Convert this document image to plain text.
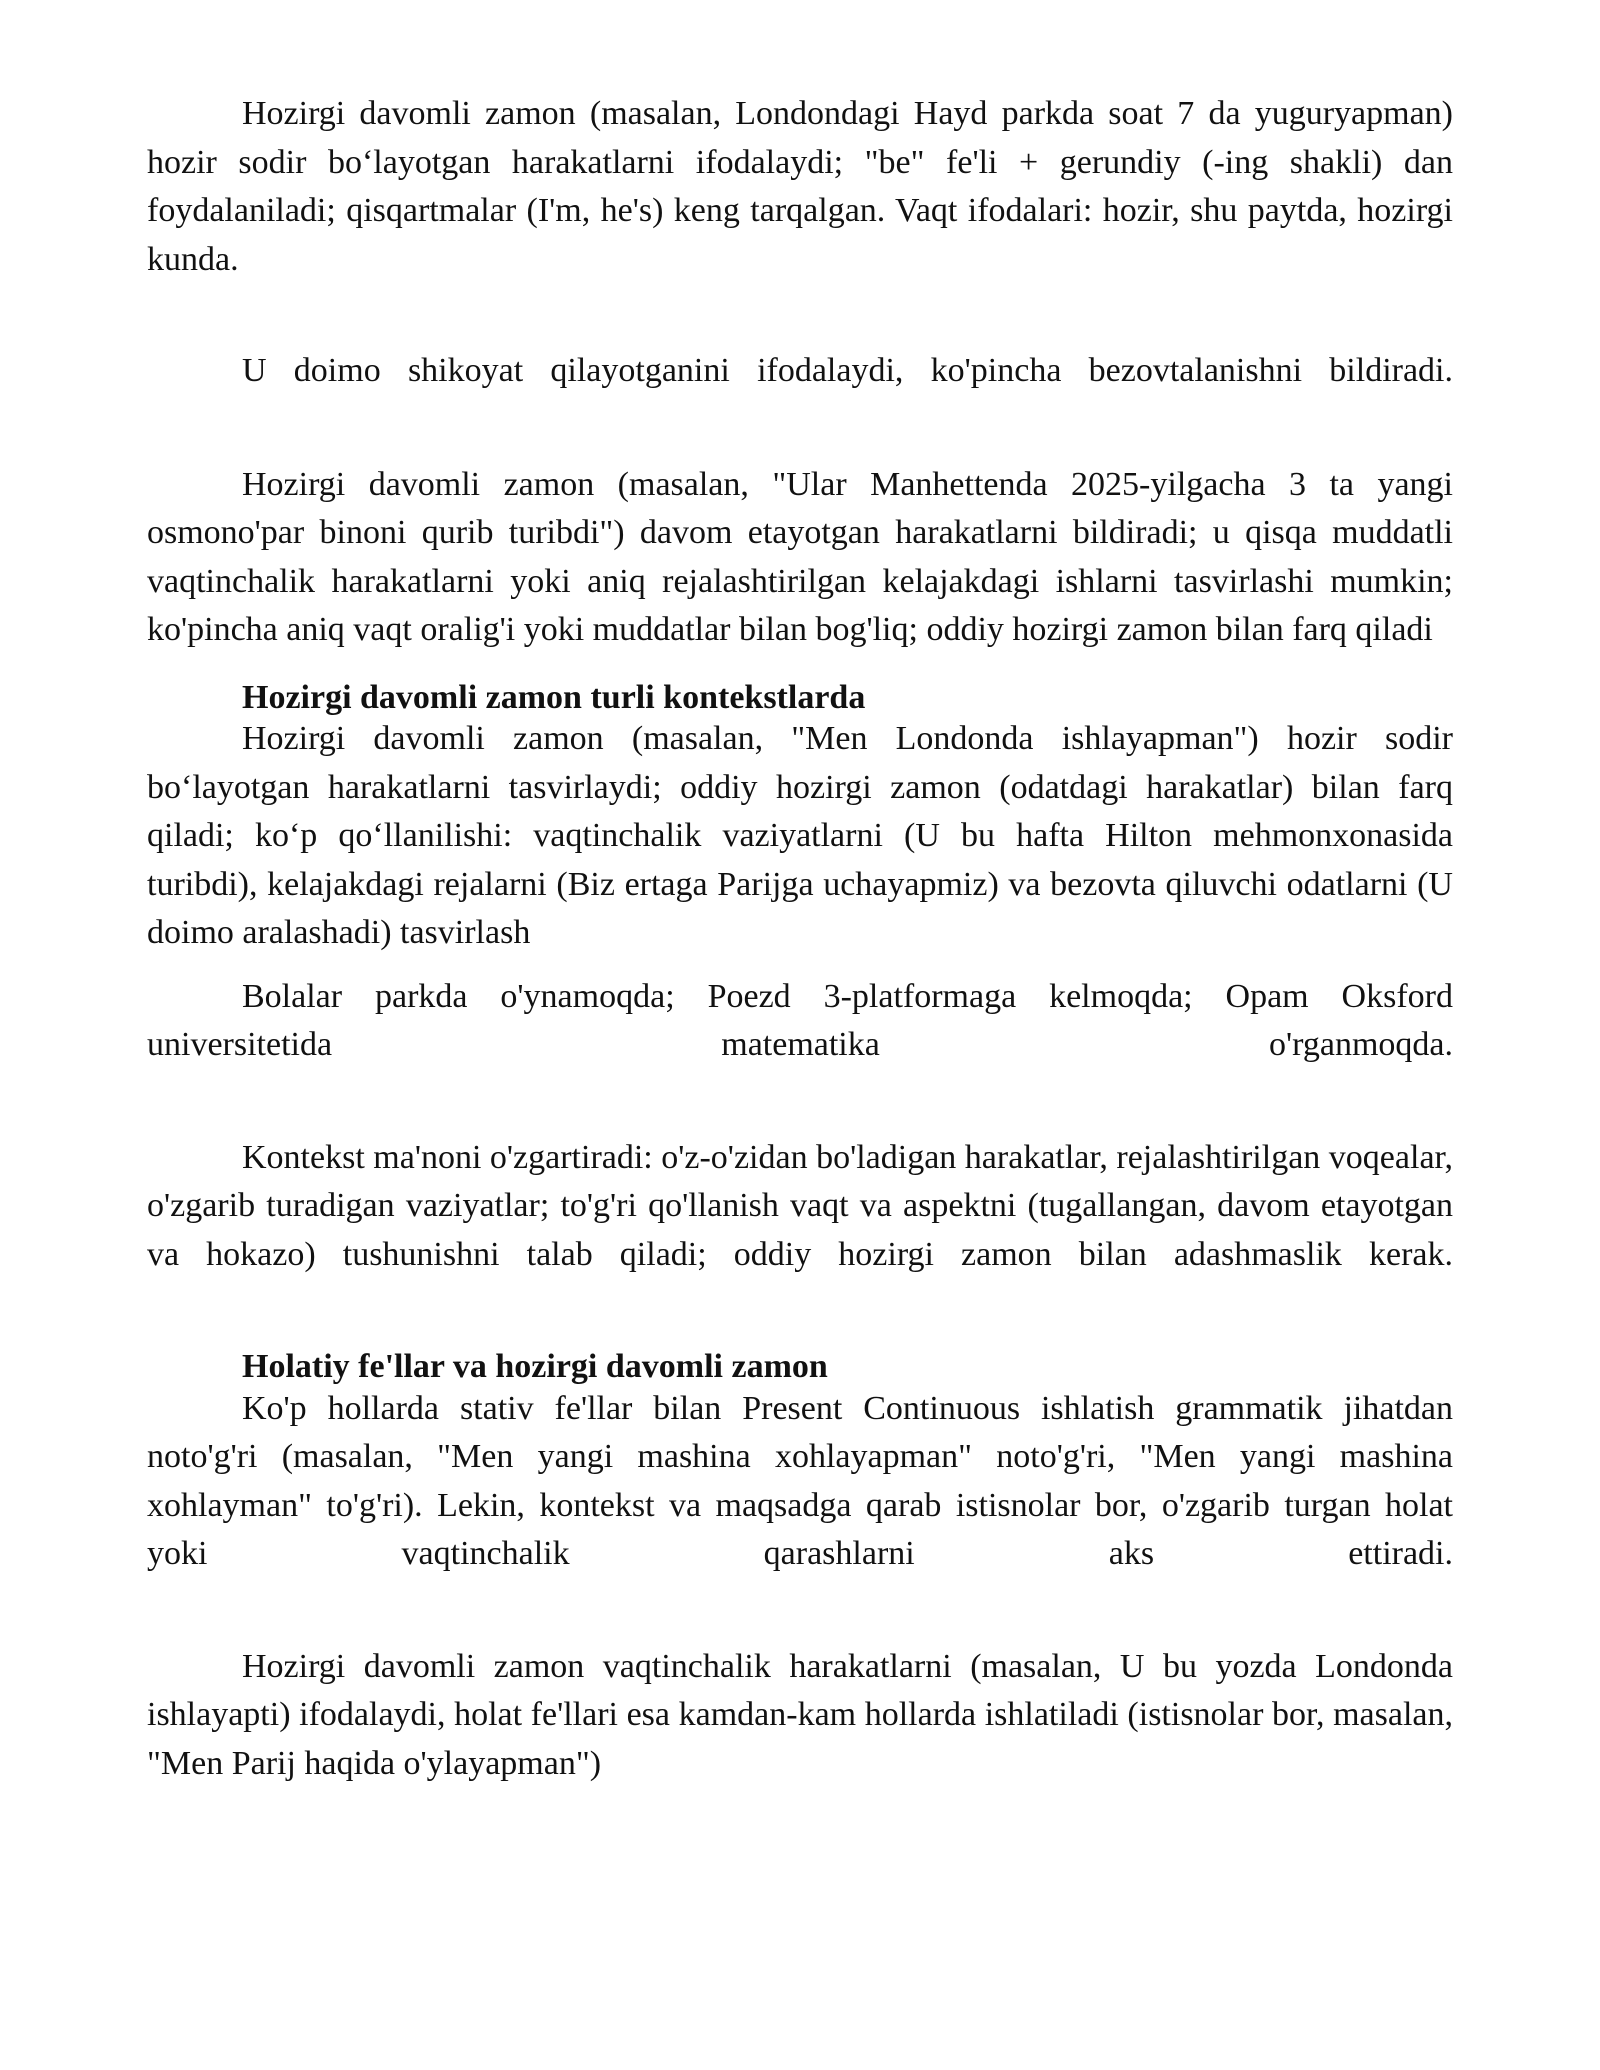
Hozirgi davomli zamon (masalan, Londondagi Hayd parkda soat 7 da yuguryapman) hozir sodir bo‘layotgan harakatlarni ifodalaydi; "be" fe'li + gerundiy (-ing shakli) dan foydalaniladi; qisqartmalar (I'm, he's) keng tarqalgan. Vaqt ifodalari: hozir, shu paytda, hozirgi kunda.

U doimo shikoyat qilayotganini ifodalaydi, ko'pincha bezovtalanishni bildiradi.

Hozirgi davomli zamon (masalan, "Ular Manhettenda 2025-yilgacha 3 ta yangi osmono'par binoni qurib turibdi") davom etayotgan harakatlarni bildiradi; u qisqa muddatli vaqtinchalik harakatlarni yoki aniq rejalashtirilgan kelajakdagi ishlarni tasvirlashi mumkin; ko'pincha aniq vaqt oralig'i yoki muddatlar bilan bog'liq; oddiy hozirgi zamon bilan farq qiladi

Hozirgi davomli zamon turli kontekstlarda

Hozirgi davomli zamon (masalan, "Men Londonda ishlayapman") hozir sodir bo‘layotgan harakatlarni tasvirlaydi; oddiy hozirgi zamon (odatdagi harakatlar) bilan farq qiladi; ko‘p qo‘llanilishi: vaqtinchalik vaziyatlarni (U bu hafta Hilton mehmonxonasida turibdi), kelajakdagi rejalarni (Biz ertaga Parijga uchayapmiz) va bezovta qiluvchi odatlarni (U doimo aralashadi) tasvirlash

Bolalar parkda o'ynamoqda; Poezd 3-platformaga kelmoqda; Opam Oksford universitetida matematika o'rganmoqda.

Kontekst ma'noni o'zgartiradi: o'z-o'zidan bo'ladigan harakatlar, rejalashtirilgan voqealar, o'zgarib turadigan vaziyatlar; to'g'ri qo'llanish vaqt va aspektni (tugallangan, davom etayotgan va hokazo) tushunishni talab qiladi; oddiy hozirgi zamon bilan adashmaslik kerak.

Holatiy fe'llar va hozirgi davomli zamon

Ko'p hollarda stativ fe'llar bilan Present Continuous ishlatish grammatik jihatdan noto'g'ri (masalan, "Men yangi mashina xohlayapman" noto'g'ri, "Men yangi mashina xohlayman" to'g'ri). Lekin, kontekst va maqsadga qarab istisnolar bor, o'zgarib turgan holat yoki vaqtinchalik qarashlarni aks ettiradi.

Hozirgi davomli zamon vaqtinchalik harakatlarni (masalan, U bu yozda Londonda ishlayapti) ifodalaydi, holat fe'llari esa kamdan-kam hollarda ishlatiladi (istisnolar bor, masalan, "Men Parij haqida o'ylayapman")
